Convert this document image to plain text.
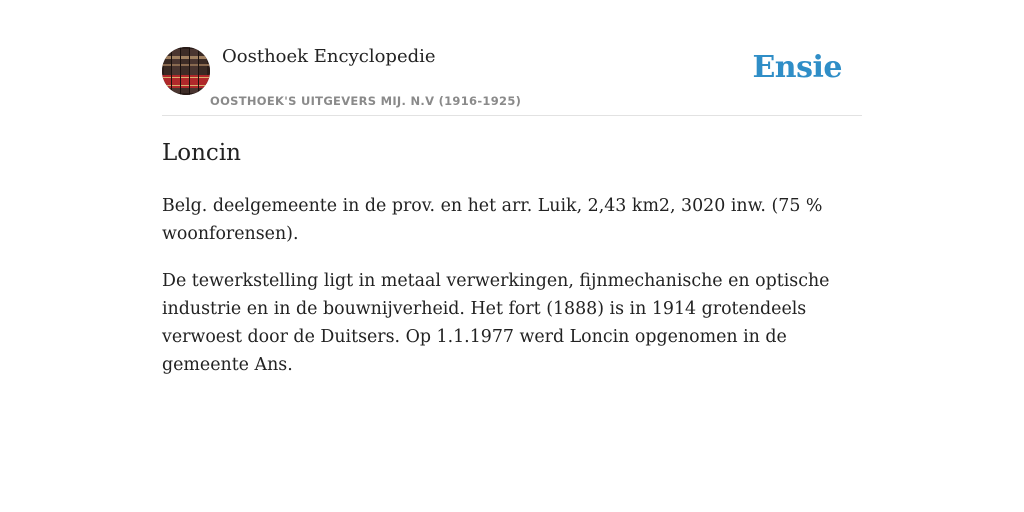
Oosthoek Encyclopedie
OOSTHOEK'S UITGEVERS MIJ. N.V (1916-1925)
Ensie
Loncin

Belg. deelgemeente in de prov. en het arr. Luik, 2,43 km2, 3020 inw. (75 % woonforensen).

De tewerkstelling ligt in metaal verwerkingen, fijnmechanische en optische industrie en in de bouwnijverheid. Het fort (1888) is in 1914 grotendeels verwoest door de Duitsers. Op 1.1.1977 werd Loncin opgenomen in de gemeente Ans.
